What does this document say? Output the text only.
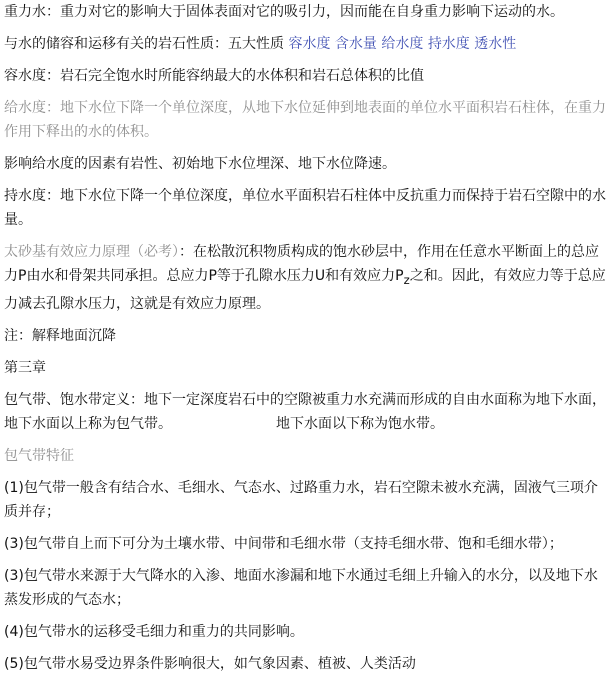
重力水：重力对它的影响大于固体表面对它的吸引力，因而能在自身重力影响下运动的水。

与水的储容和运移有关的岩石性质：五大性质 容水度 含水量 给水度 持水度 透水性

容水度：岩石完全饱水时所能容纳最大的水体积和岩石总体积的比值

给水度：地下水位下降一个单位深度，从地下水位延伸到地表面的单位水平面积岩石柱体，在重力作用下释出的水的体积。

影响给水度的因素有岩性、初始地下水位埋深、地下水位降速。

持水度：地下水位下降一个单位深度，单位水平面积岩石柱体中反抗重力而保持于岩石空隙中的水量。

太砂基有效应力原理（必考）：在松散沉积物质构成的饱水砂层中，作用在任意水平断面上的总应力P由水和骨架共同承担。总应力P等于孔隙水压力U和有效应力$P_z$之和。因此，有效应力等于总应力减去孔隙水压力，这就是有效应力原理。

注：解释地面沉降

第三章

包气带、饱水带定义：地下一定深度岩石中的空隙被重力水充满而形成的自由水面称为地下水面，地下水面以上称为包气带。	地下水面以下称为饱水带。

包气带特征

(1)包气带一般含有结合水、毛细水、气态水、过路重力水，岩石空隙未被水充满，固液气三项介质并存；

(3)包气带自上而下可分为土壤水带、中间带和毛细水带（支持毛细水带、饱和毛细水带）；

(3)包气带水来源于大气降水的入渗、地面水渗漏和地下水通过毛细上升输入的水分，以及地下水蒸发形成的气态水；

(4)包气带水的运移受毛细力和重力的共同影响。

(5)包气带水易受边界条件影响很大，如气象因素、植被、人类活动
